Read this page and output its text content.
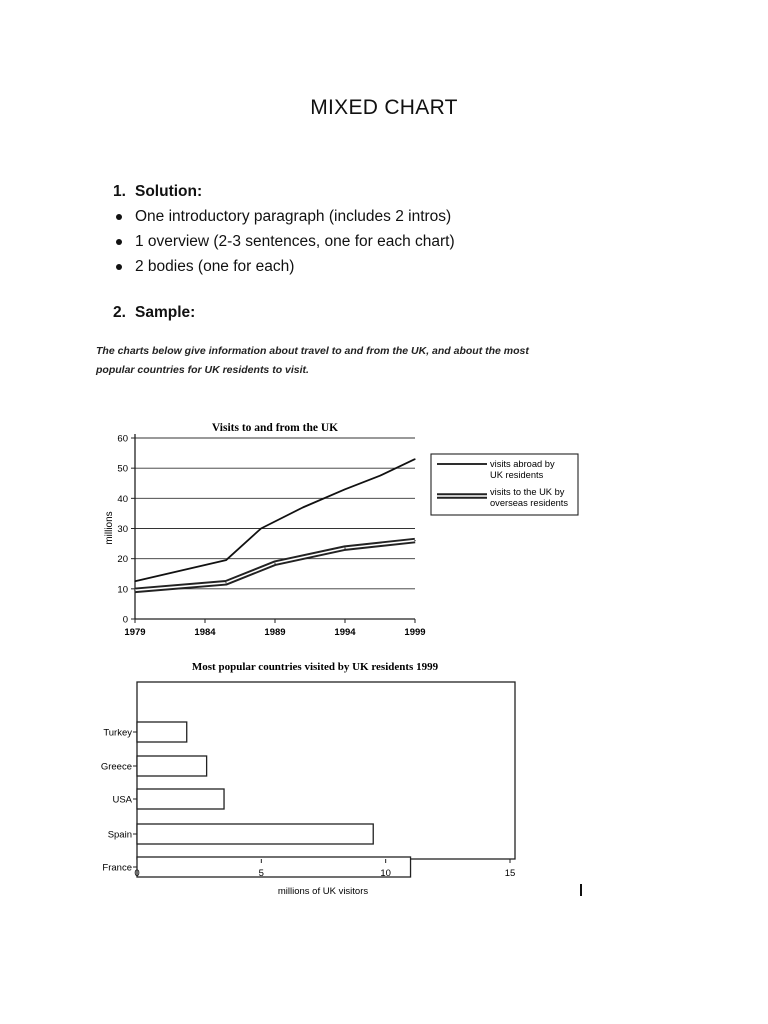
MIXED CHART
1. Solution:
One introductory paragraph (includes 2 intros)
1 overview (2-3 sentences, one for each chart)
2 bodies (one for each)
2. Sample:
The charts below give information about travel to and from the UK, and about the most
popular countries for UK residents to visit.
Visits to and from the UK
millions
0
10
20
30
40
50
60
1979	1984	1989	1994	1999
visits abroad by
UK residents
visits to the UK by
overseas residents
Most popular countries visited by UK residents 1999
Turkey
Greece
USA
Spain
France 0	5	10	15
millions of UK visitors
